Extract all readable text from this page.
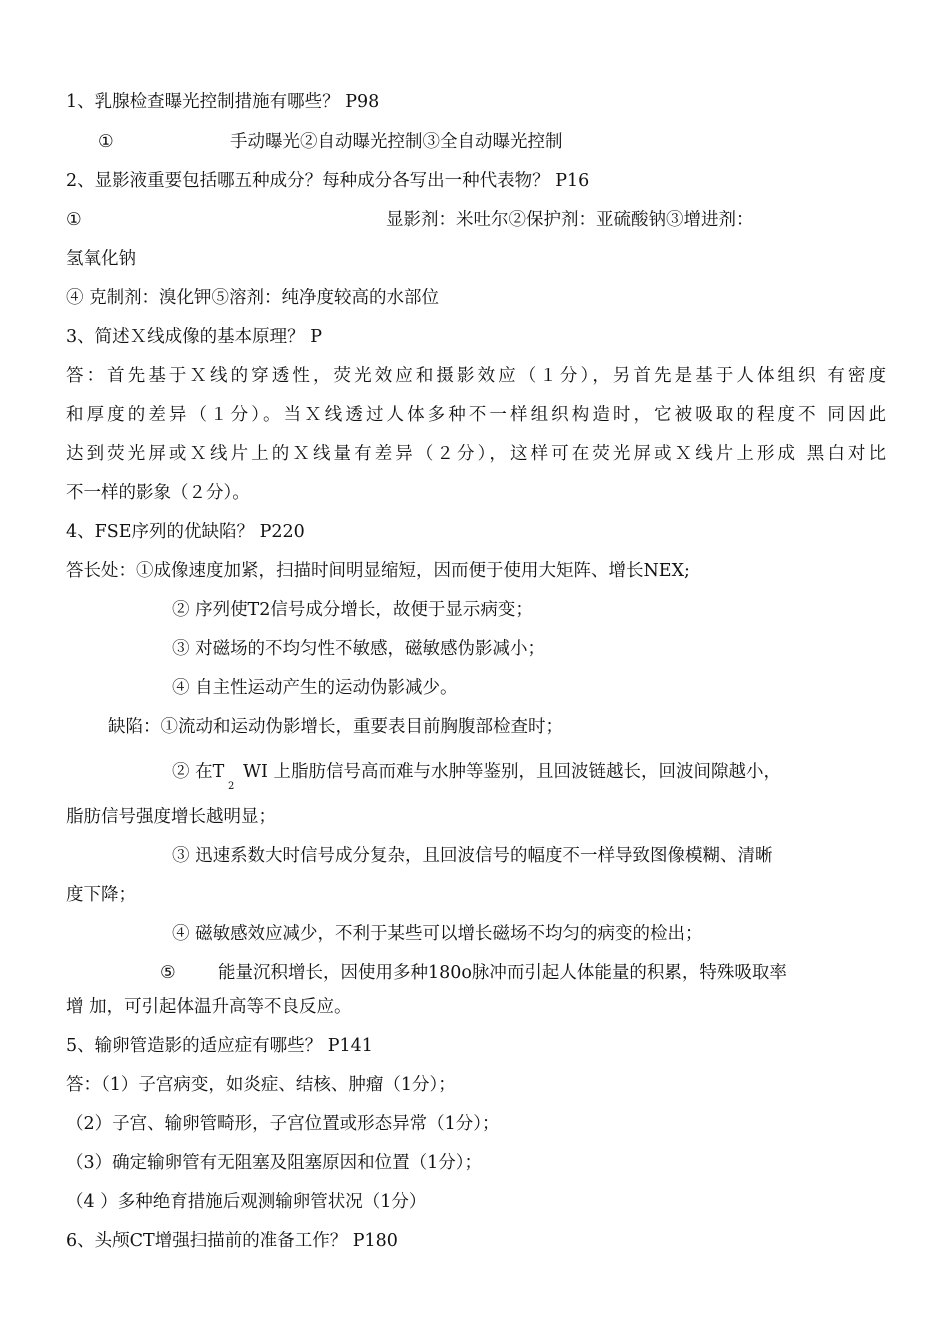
1、乳腺检查曝光控制措施有哪些？ P98
①	手动曝光②自动曝光控制③全自动曝光控制
2、显影液重要包括哪五种成分？每种成分各写出一种代表物？ P16
①	显影剂：米吐尔②保护剂：亚硫酸钠③增进剂：
氢氧化钠
④ 克制剂：溴化钾⑤溶剂：纯净度较高的水部位
3、简述Ｘ线成像的基本原理？ P
答：首先基于Ｘ线的穿透性，荧光效应和摄影效应（１分），另首先是基于人体组织 有密度
和厚度的差异（１分）。当Ｘ线透过人体多种不一样组织构造时，它被吸取的程度不 同因此
达到荧光屏或Ｘ线片上的Ｘ线量有差异（２分），这样可在荧光屏或Ｘ线片上形成 黑白对比
不一样的影象（２分）。
4、FSE序列的优缺陷？ P220
答长处：①成像速度加紧，扫描时间明显缩短，因而便于使用大矩阵、增长NEX;
② 序列使T2信号成分增长，故便于显示病变；
③ 对磁场的不均匀性不敏感，磁敏感伪影减小；
④ 自主性运动产生的运动伪影减少。
缺陷：①流动和运动伪影增长，重要表目前胸腹部检查时；
② 在T
2
WI 上脂肪信号高而难与水肿等鉴别，且回波链越长，回波间隙越小，
脂肪信号强度增长越明显；
③ 迅速系数大时信号成分复杂，且回波信号的幅度不一样导致图像模糊、清晰
度下降；
④ 磁敏感效应减少，不利于某些可以增长磁场不均匀的病变的检出；
⑤ 能量沉积增长，因使用多种180o脉冲而引起人体能量的积累，特殊吸取率
增 加，可引起体温升高等不良反应。
5、输卵管造影的适应症有哪些？ P141
答：（1）子宫病变，如炎症、结核、肿瘤（1分）；
（2）子宫、输卵管畸形，子宫位置或形态异常（1分）；
（3）确定输卵管有无阻塞及阻塞原因和位置（1分）；
（4 ）多种绝育措施后观测输卵管状况（1分）
6、头颅CT增强扫描前的准备工作？ P180
